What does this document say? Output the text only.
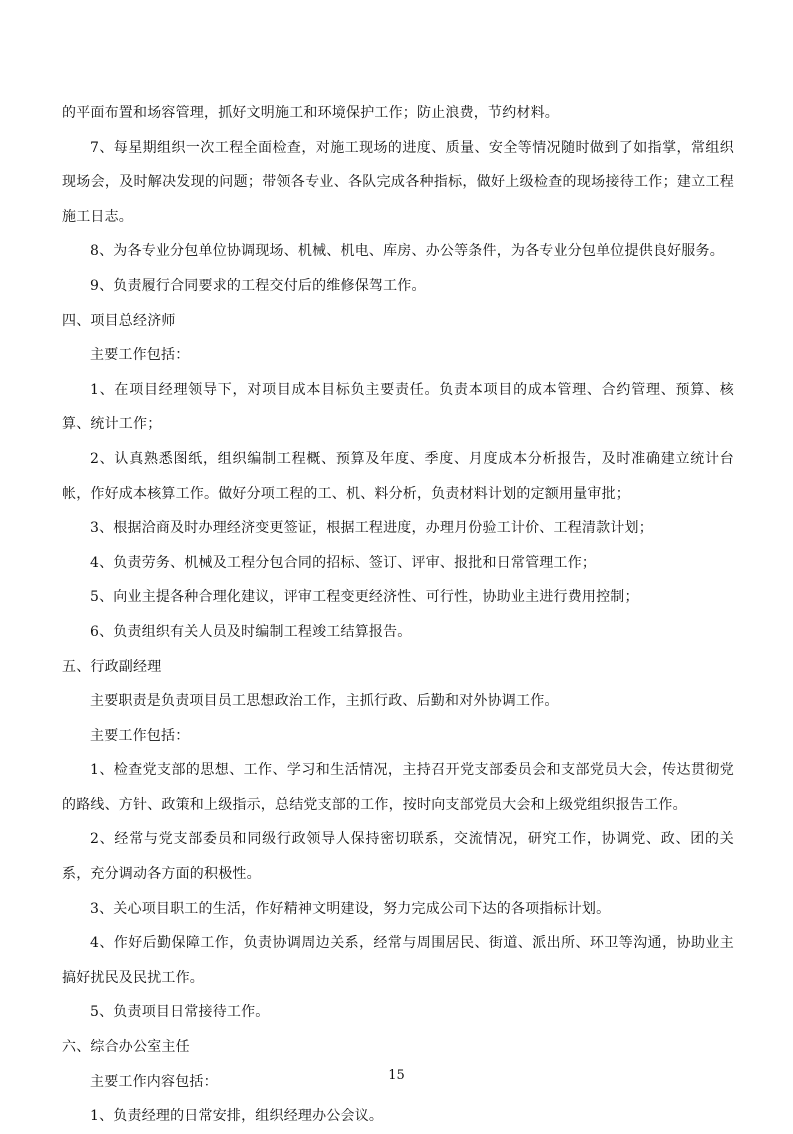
的平面布置和场容管理，抓好文明施工和环境保护工作；防止浪费，节约材料。

7、每星期组织一次工程全面检查，对施工现场的进度、质量、安全等情况随时做到了如指掌，常组织现场会，及时解决发现的问题；带领各专业、各队完成各种指标，做好上级检查的现场接待工作；建立工程施工日志。

8、为各专业分包单位协调现场、机械、机电、库房、办公等条件，为各专业分包单位提供良好服务。

9、负责履行合同要求的工程交付后的维修保驾工作。

四、项目总经济师

主要工作包括：

1、在项目经理领导下，对项目成本目标负主要责任。负责本项目的成本管理、合约管理、预算、核算、统计工作；

2、认真熟悉图纸，组织编制工程概、预算及年度、季度、月度成本分析报告，及时准确建立统计台帐，作好成本核算工作。做好分项工程的工、机、料分析，负责材料计划的定额用量审批；

3、根据洽商及时办理经济变更签证，根据工程进度，办理月份验工计价、工程清款计划；

4、负责劳务、机械及工程分包合同的招标、签订、评审、报批和日常管理工作；

5、向业主提各种合理化建议，评审工程变更经济性、可行性，协助业主进行费用控制；

6、负责组织有关人员及时编制工程竣工结算报告。

五、行政副经理

主要职责是负责项目员工思想政治工作，主抓行政、后勤和对外协调工作。

主要工作包括：

1、检查党支部的思想、工作、学习和生活情况，主持召开党支部委员会和支部党员大会，传达贯彻党的路线、方针、政策和上级指示，总结党支部的工作，按时向支部党员大会和上级党组织报告工作。

2、经常与党支部委员和同级行政领导人保持密切联系，交流情况，研究工作，协调党、政、团的关系，充分调动各方面的积极性。

3、关心项目职工的生活，作好精神文明建设，努力完成公司下达的各项指标计划。

4、作好后勤保障工作，负责协调周边关系，经常与周围居民、街道、派出所、环卫等沟通，协助业主搞好扰民及民扰工作。

5、负责项目日常接待工作。

六、综合办公室主任

主要工作内容包括：

1、负责经理的日常安排，组织经理办公会议。

15
